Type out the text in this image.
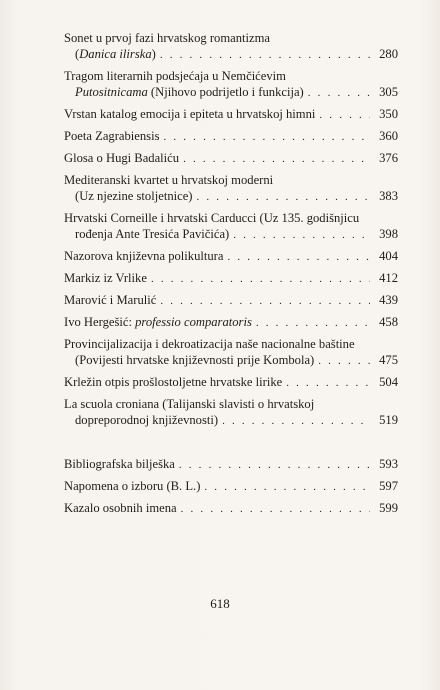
Sonet u prvoj fazi hrvatskog romantizma
(Danica ilirska) . . .	280
Tragom literarnih podsjećaja u Nemčićevim
Putositnicama (Njihovo podrijetlo i funkcija) . . .	305
Vrstan katalog emocija i epiteta u hrvatskoj himni . . .	350
Poeta Zagrabiensis . . .	360
Glosa o Hugi Badaliću . . .	376
Mediteranski kvartet u hrvatskoj moderni
(Uz njezine stoljetnice) . . .	383
Hrvatski Corneille i hrvatski Carducci (Uz 135. godišnjicu
rođenja Ante Tresića Pavičića) . . .	398
Nazorova književna polikultura . . .	404
Markiz iz Vrlike . . .	412
Marović i Marulić . . .	439
Ivo Hergešić: professio comparatoris . . .	458
Provincijalizacija i dekroatizacija naše nacionalne baštine
(Povijesti hrvatske književnosti prije Kombola) . . .	475
Krležin otpis prošlostoljetne hrvatske lirike . . .	504
La scuola croniana (Talijanski slavisti o hrvatskoj
dopreporodnoj književnosti) . . .	519
Bibliografska bilješka . . .	593
Napomena o izboru (B. L.) . . .	597
Kazalo osobnih imena . . .	599
618
